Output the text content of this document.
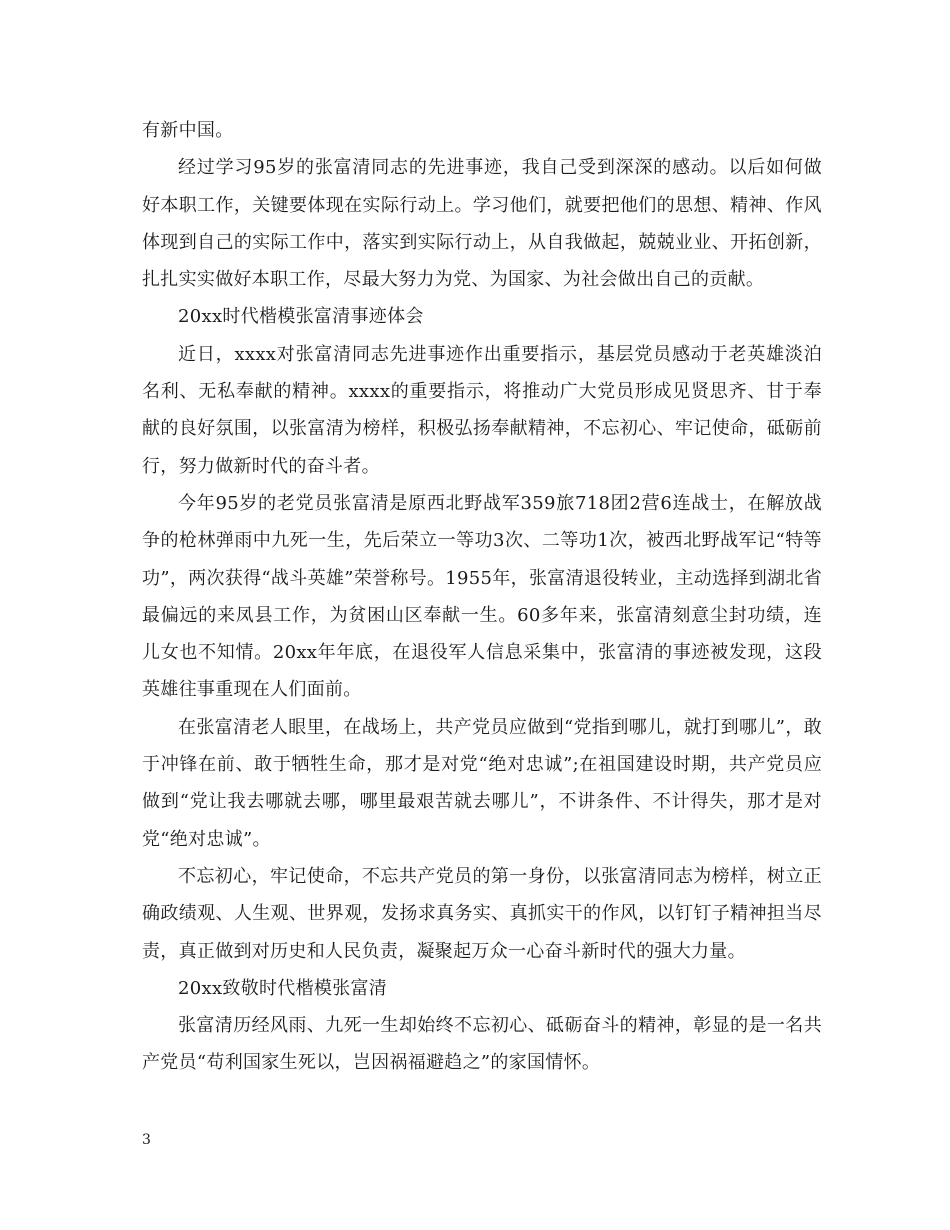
有新中国。

经过学习95岁的张富清同志的先进事迹，我自己受到深深的感动。以后如何做好本职工作，关键要体现在实际行动上。学习他们，就要把他们的思想、精神、作风体现到自己的实际工作中，落实到实际行动上，从自我做起，兢兢业业、开拓创新，扎扎实实做好本职工作，尽最大努力为党、为国家、为社会做出自己的贡献。

20xx时代楷模张富清事迹体会

近日，xxxx对张富清同志先进事迹作出重要指示，基层党员感动于老英雄淡泊名利、无私奉献的精神。xxxx的重要指示，将推动广大党员形成见贤思齐、甘于奉献的良好氛围，以张富清为榜样，积极弘扬奉献精神，不忘初心、牢记使命，砥砺前行，努力做新时代的奋斗者。

今年95岁的老党员张富清是原西北野战军359旅718团2营6连战士，在解放战争的枪林弹雨中九死一生，先后荣立一等功3次、二等功1次，被西北野战军记“特等功”，两次获得“战斗英雄”荣誉称号。1955年，张富清退役转业，主动选择到湖北省最偏远的来凤县工作，为贫困山区奉献一生。60多年来，张富清刻意尘封功绩，连儿女也不知情。20xx年年底，在退役军人信息采集中，张富清的事迹被发现，这段英雄往事重现在人们面前。

在张富清老人眼里，在战场上，共产党员应做到“党指到哪儿，就打到哪儿”，敢于冲锋在前、敢于牺牲生命，那才是对党“绝对忠诚”;在祖国建设时期，共产党员应做到“党让我去哪就去哪，哪里最艰苦就去哪儿”，不讲条件、不计得失，那才是对党“绝对忠诚”。

不忘初心，牢记使命，不忘共产党员的第一身份，以张富清同志为榜样，树立正确政绩观、人生观、世界观，发扬求真务实、真抓实干的作风，以钉钉子精神担当尽责，真正做到对历史和人民负责，凝聚起万众一心奋斗新时代的强大力量。

20xx致敬时代楷模张富清

张富清历经风雨、九死一生却始终不忘初心、砥砺奋斗的精神，彰显的是一名共产党员“苟利国家生死以，岂因祸福避趋之”的家国情怀。

3
